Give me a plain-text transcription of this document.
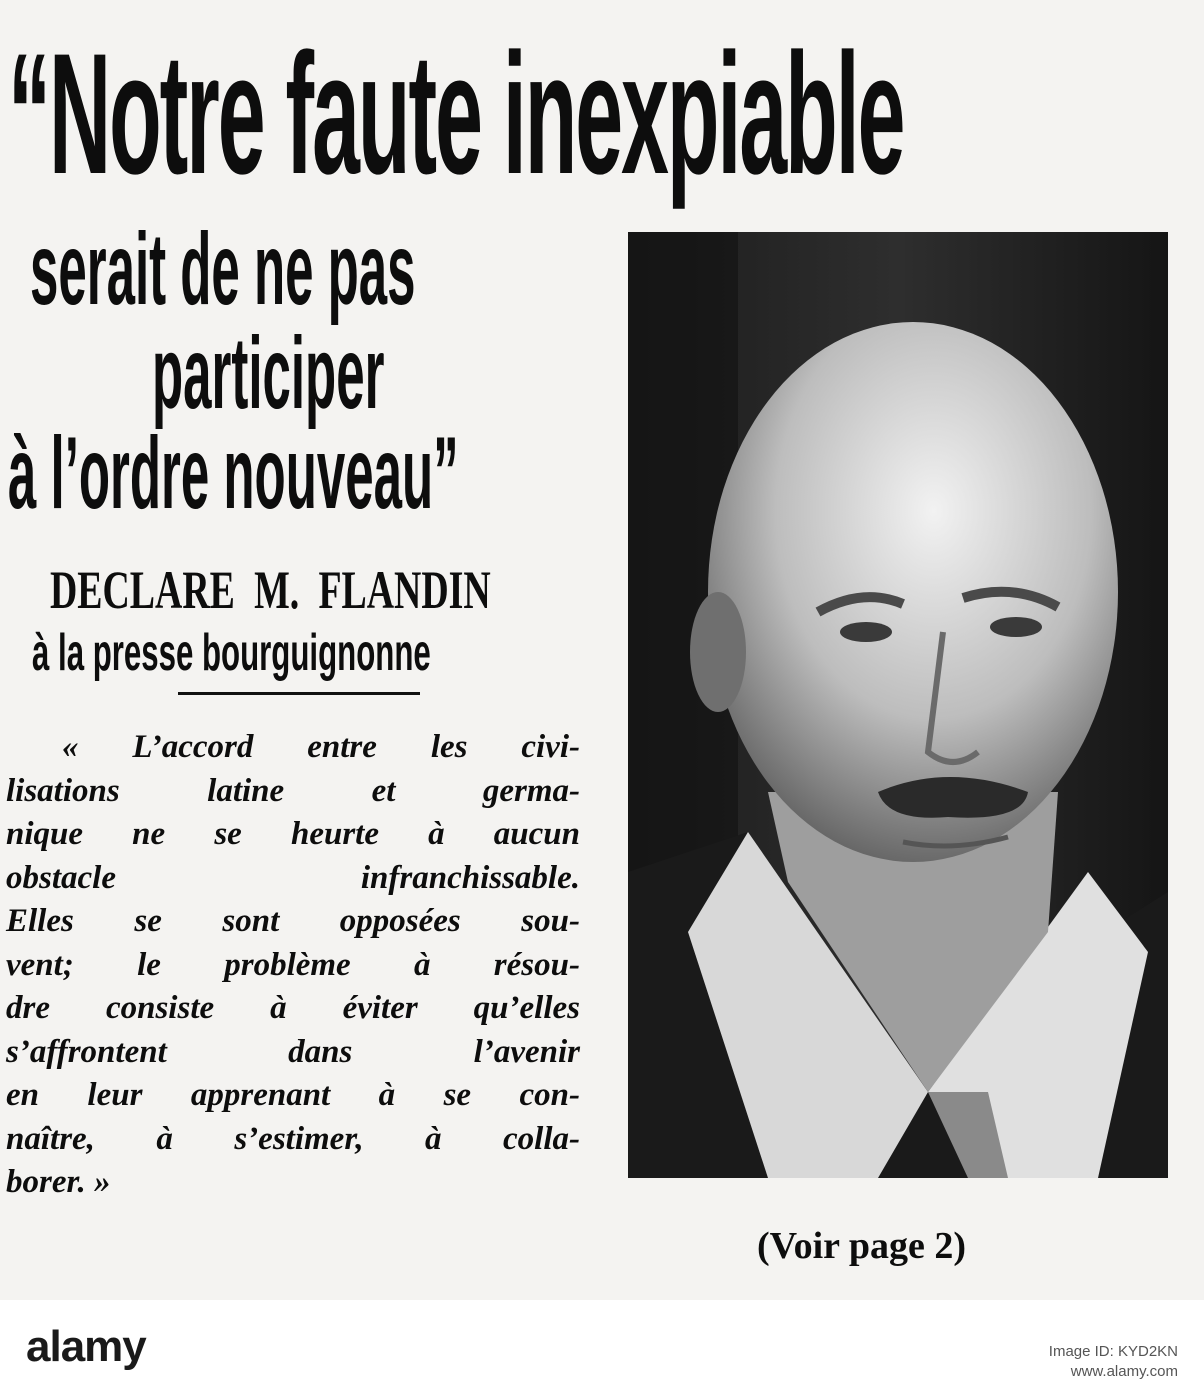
“Notre faute inexpiable
serait de ne pas
participer
à l’ordre nouveau”
DECLARE M. FLANDIN
à la presse bourguignonne
« L’accord entre les civi-
lisations latine et germa-
nique ne se heurte à aucun
obstacle infranchissable.
Elles se sont opposées sou-
vent; le problème à résou-
dre consiste à éviter qu’elles
s’affrontent dans l’avenir
en leur apprenant à se con-
naître, à s’estimer, à colla-
borer. »
(Voir page 2)
alamy	Image ID: KYD2KN
www.alamy.com
